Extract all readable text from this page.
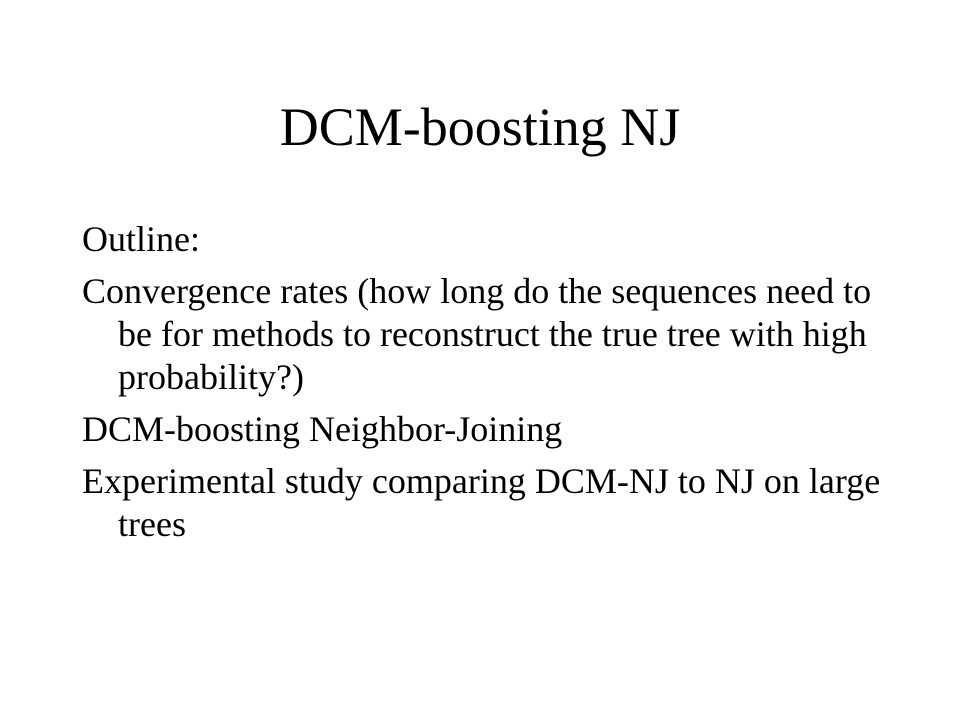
DCM-boosting NJ
Outline:
Convergence rates (how long do the sequences need to be for methods to reconstruct the true tree with high probability?)
DCM-boosting Neighbor-Joining
Experimental study comparing DCM-NJ to NJ on large trees
